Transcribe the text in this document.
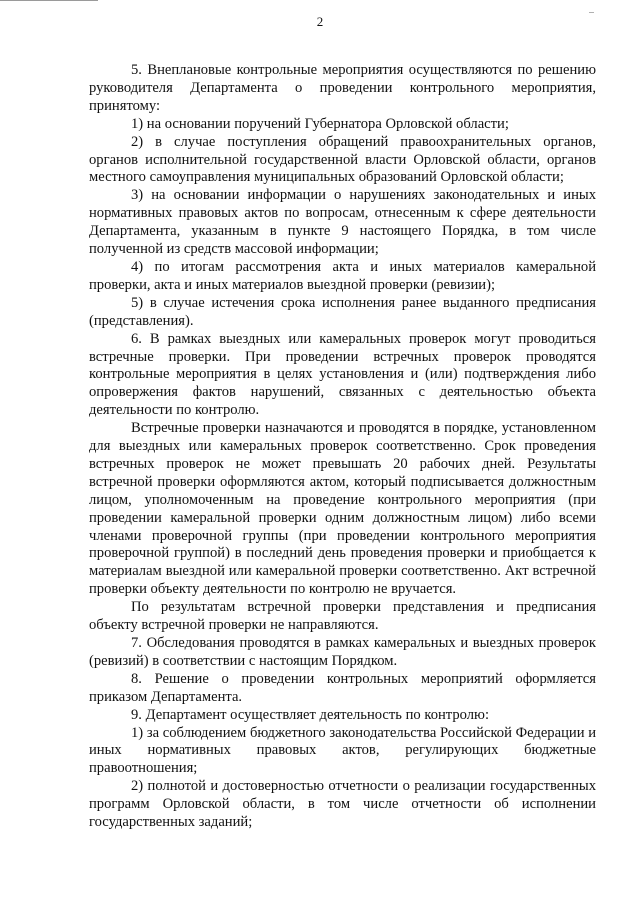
2

5. Внеплановые контрольные мероприятия осуществляются по решению руководителя Департамента о проведении контрольного мероприятия, принятому:

1) на основании поручений Губернатора Орловской области;

2) в случае поступления обращений правоохранительных органов, органов исполнительной государственной власти Орловской области, органов местного самоуправления муниципальных образований Орловской области;

3) на основании информации о нарушениях законодательных и иных нормативных правовых актов по вопросам, отнесенным к сфере деятельности Департамента, указанным в пункте 9 настоящего Порядка, в том числе полученной из средств массовой информации;

4) по итогам рассмотрения акта и иных материалов камеральной проверки, акта и иных материалов выездной проверки (ревизии);

5) в случае истечения срока исполнения ранее выданного предписания (представления).

6. В рамках выездных или камеральных проверок могут проводиться встречные проверки. При проведении встречных проверок проводятся контрольные мероприятия в целях установления и (или) подтверждения либо опровержения фактов нарушений, связанных с деятельностью объекта деятельности по контролю.

Встречные проверки назначаются и проводятся в порядке, установленном для выездных или камеральных проверок соответственно. Срок проведения встречных проверок не может превышать 20 рабочих дней. Результаты встречной проверки оформляются актом, который подписывается должностным лицом, уполномоченным на проведение контрольного мероприятия (при проведении камеральной проверки одним должностным лицом) либо всеми членами проверочной группы (при проведении контрольного мероприятия проверочной группой) в последний день проведения проверки и приобщается к материалам выездной или камеральной проверки соответственно. Акт встречной проверки объекту деятельности по контролю не вручается.

По результатам встречной проверки представления и предписания объекту встречной проверки не направляются.

7. Обследования проводятся в рамках камеральных и выездных проверок (ревизий) в соответствии с настоящим Порядком.

8. Решение о проведении контрольных мероприятий оформляется приказом Департамента.

9. Департамент осуществляет деятельность по контролю:

1) за соблюдением бюджетного законодательства Российской Федерации и иных нормативных правовых актов, регулирующих бюджетные правоотношения;

2) полнотой и достоверностью отчетности о реализации государственных программ Орловской области, в том числе отчетности об исполнении государственных заданий;
